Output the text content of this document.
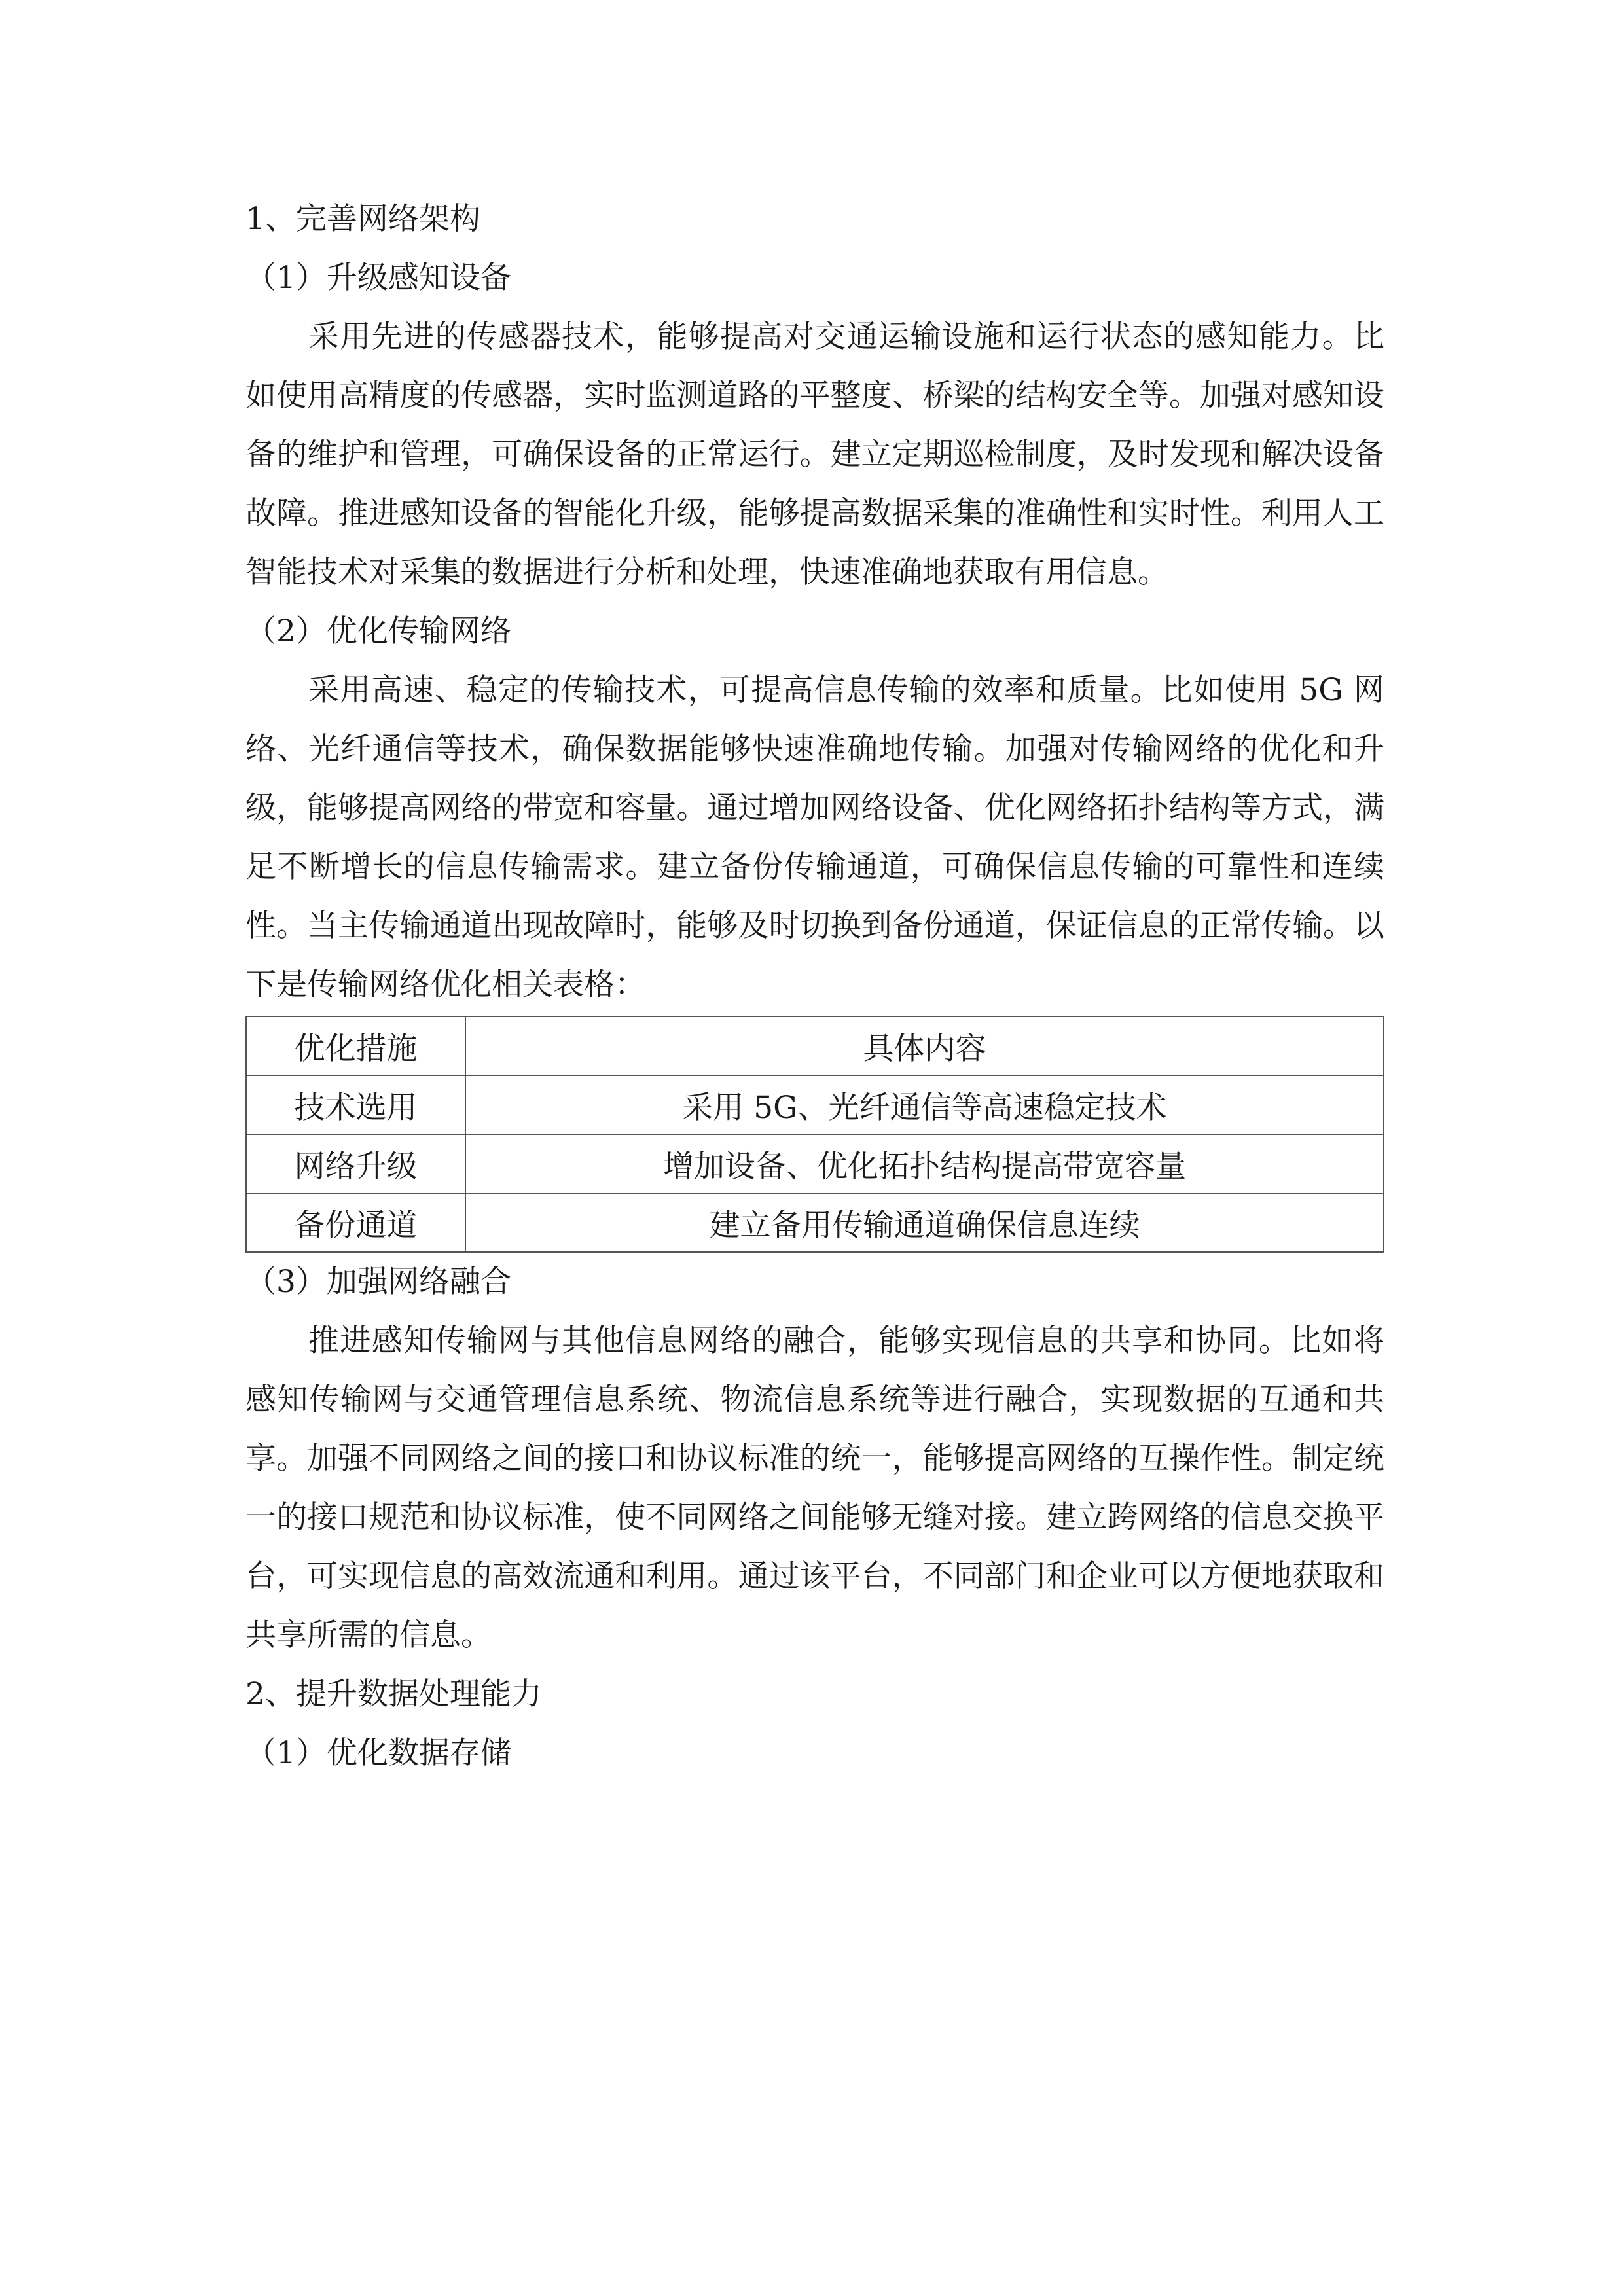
1、完善网络架构
（1）升级感知设备

采用先进的传感器技术，能够提高对交通运输设施和运行状态的感知能力。比如使用高精度的传感器，实时监测道路的平整度、桥梁的结构安全等。加强对感知设备的维护和管理，可确保设备的正常运行。建立定期巡检制度，及时发现和解决设备故障。推进感知设备的智能化升级，能够提高数据采集的准确性和实时性。利用人工智能技术对采集的数据进行分析和处理，快速准确地获取有用信息。

（2）优化传输网络

采用高速、稳定的传输技术，可提高信息传输的效率和质量。比如使用 5G 网络、光纤通信等技术，确保数据能够快速准确地传输。加强对传输网络的优化和升级，能够提高网络的带宽和容量。通过增加网络设备、优化网络拓扑结构等方式，满足不断增长的信息传输需求。建立备份传输通道，可确保信息传输的可靠性和连续性。当主传输通道出现故障时，能够及时切换到备份通道，保证信息的正常传输。以下是传输网络优化相关表格：

优化措施	具体内容
技术选用	采用 5G、光纤通信等高速稳定技术
网络升级	增加设备、优化拓扑结构提高带宽容量
备份通道	建立备用传输通道确保信息连续
（3）加强网络融合

推进感知传输网与其他信息网络的融合，能够实现信息的共享和协同。比如将感知传输网与交通管理信息系统、物流信息系统等进行融合，实现数据的互通和共享。加强不同网络之间的接口和协议标准的统一，能够提高网络的互操作性。制定统一的接口规范和协议标准，使不同网络之间能够无缝对接。建立跨网络的信息交换平台，可实现信息的高效流通和利用。通过该平台，不同部门和企业可以方便地获取和共享所需的信息。

2、提升数据处理能力
（1）优化数据存储
